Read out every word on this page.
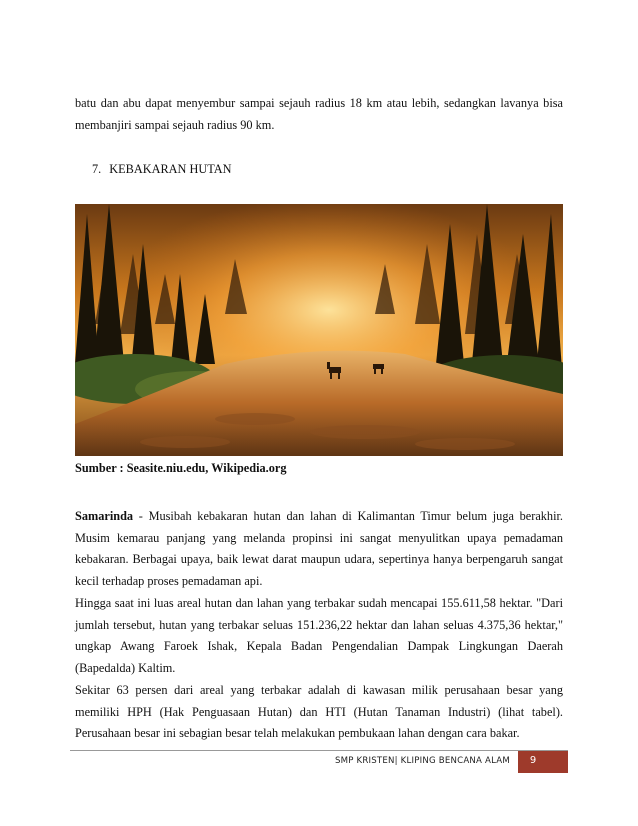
batu dan abu dapat menyembur sampai sejauh radius 18 km atau lebih, sedangkan lavanya bisa membanjiri sampai sejauh radius 90 km.

7. KEBAKARAN HUTAN

Sumber : Seasite.niu.edu, Wikipedia.org

Samarinda - Musibah kebakaran hutan dan lahan di Kalimantan Timur belum juga berakhir. Musim kemarau panjang yang melanda propinsi ini sangat menyulitkan upaya pemadaman kebakaran. Berbagai upaya, baik lewat darat maupun udara, sepertinya hanya berpengaruh sangat kecil terhadap proses pemadaman api.

Hingga saat ini luas areal hutan dan lahan yang terbakar sudah mencapai 155.611,58 hektar. "Dari jumlah tersebut, hutan yang terbakar seluas 151.236,22 hektar dan lahan seluas 4.375,36 hektar," ungkap Awang Faroek Ishak, Kepala Badan Pengendalian Dampak Lingkungan Daerah (Bapedalda) Kaltim.

Sekitar 63 persen dari areal yang terbakar adalah di kawasan milik perusahaan besar yang memiliki HPH (Hak Penguasaan Hutan) dan HTI (Hutan Tanaman Industri) (lihat tabel). Perusahaan besar ini sebagian besar telah melakukan pembukaan lahan dengan cara bakar.

SMP KRISTEN| KLIPING BENCANA ALAM	9
